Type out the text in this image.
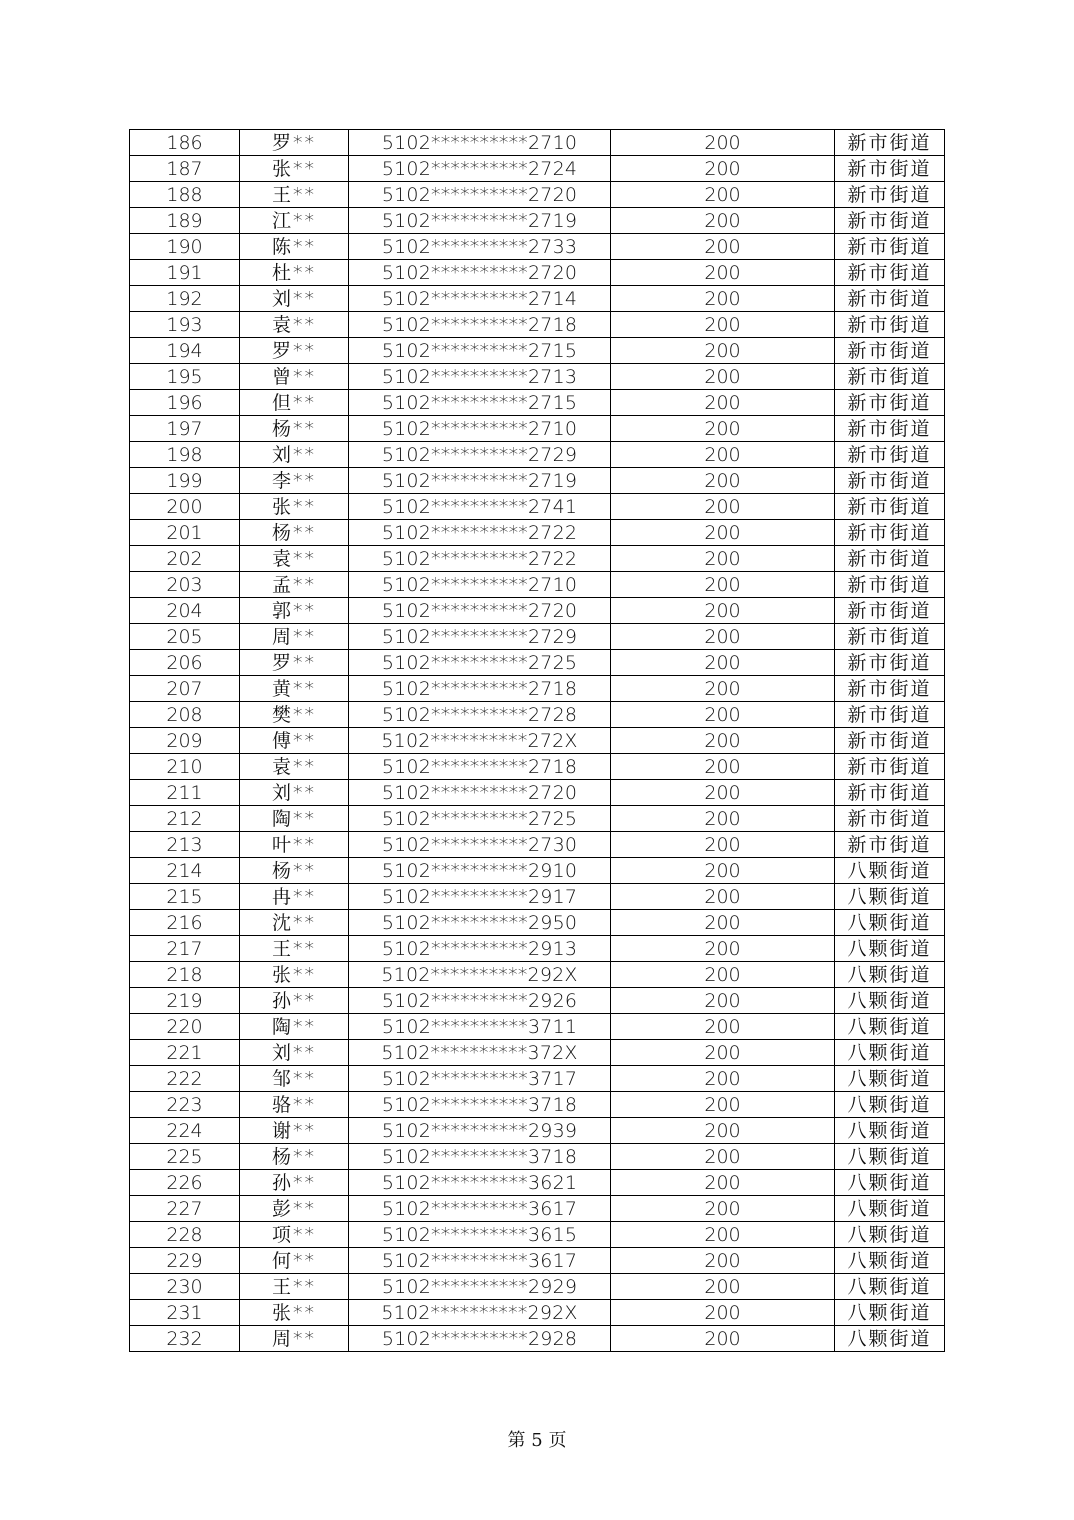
186	罗**	5102**********2710	200	新市街道
187	张**	5102**********2724	200	新市街道
188	王**	5102**********2720	200	新市街道
189	江**	5102**********2719	200	新市街道
190	陈**	5102**********2733	200	新市街道
191	杜**	5102**********2720	200	新市街道
192	刘**	5102**********2714	200	新市街道
193	袁**	5102**********2718	200	新市街道
194	罗**	5102**********2715	200	新市街道
195	曾**	5102**********2713	200	新市街道
196	但**	5102**********2715	200	新市街道
197	杨**	5102**********2710	200	新市街道
198	刘**	5102**********2729	200	新市街道
199	李**	5102**********2719	200	新市街道
200	张**	5102**********2741	200	新市街道
201	杨**	5102**********2722	200	新市街道
202	袁**	5102**********2722	200	新市街道
203	孟**	5102**********2710	200	新市街道
204	郭**	5102**********2720	200	新市街道
205	周**	5102**********2729	200	新市街道
206	罗**	5102**********2725	200	新市街道
207	黄**	5102**********2718	200	新市街道
208	樊**	5102**********2728	200	新市街道
209	傅**	5102**********272X	200	新市街道
210	袁**	5102**********2718	200	新市街道
211	刘**	5102**********2720	200	新市街道
212	陶**	5102**********2725	200	新市街道
213	叶**	5102**********2730	200	新市街道
214	杨**	5102**********2910	200	八颗街道
215	冉**	5102**********2917	200	八颗街道
216	沈**	5102**********2950	200	八颗街道
217	王**	5102**********2913	200	八颗街道
218	张**	5102**********292X	200	八颗街道
219	孙**	5102**********2926	200	八颗街道
220	陶**	5102**********3711	200	八颗街道
221	刘**	5102**********372X	200	八颗街道
222	邹**	5102**********3717	200	八颗街道
223	骆**	5102**********3718	200	八颗街道
224	谢**	5102**********2939	200	八颗街道
225	杨**	5102**********3718	200	八颗街道
226	孙**	5102**********3621	200	八颗街道
227	彭**	5102**********3617	200	八颗街道
228	项**	5102**********3615	200	八颗街道
229	何**	5102**********3617	200	八颗街道
230	王**	5102**********2929	200	八颗街道
231	张**	5102**********292X	200	八颗街道
232	周**	5102**********2928	200	八颗街道
第 5 页
